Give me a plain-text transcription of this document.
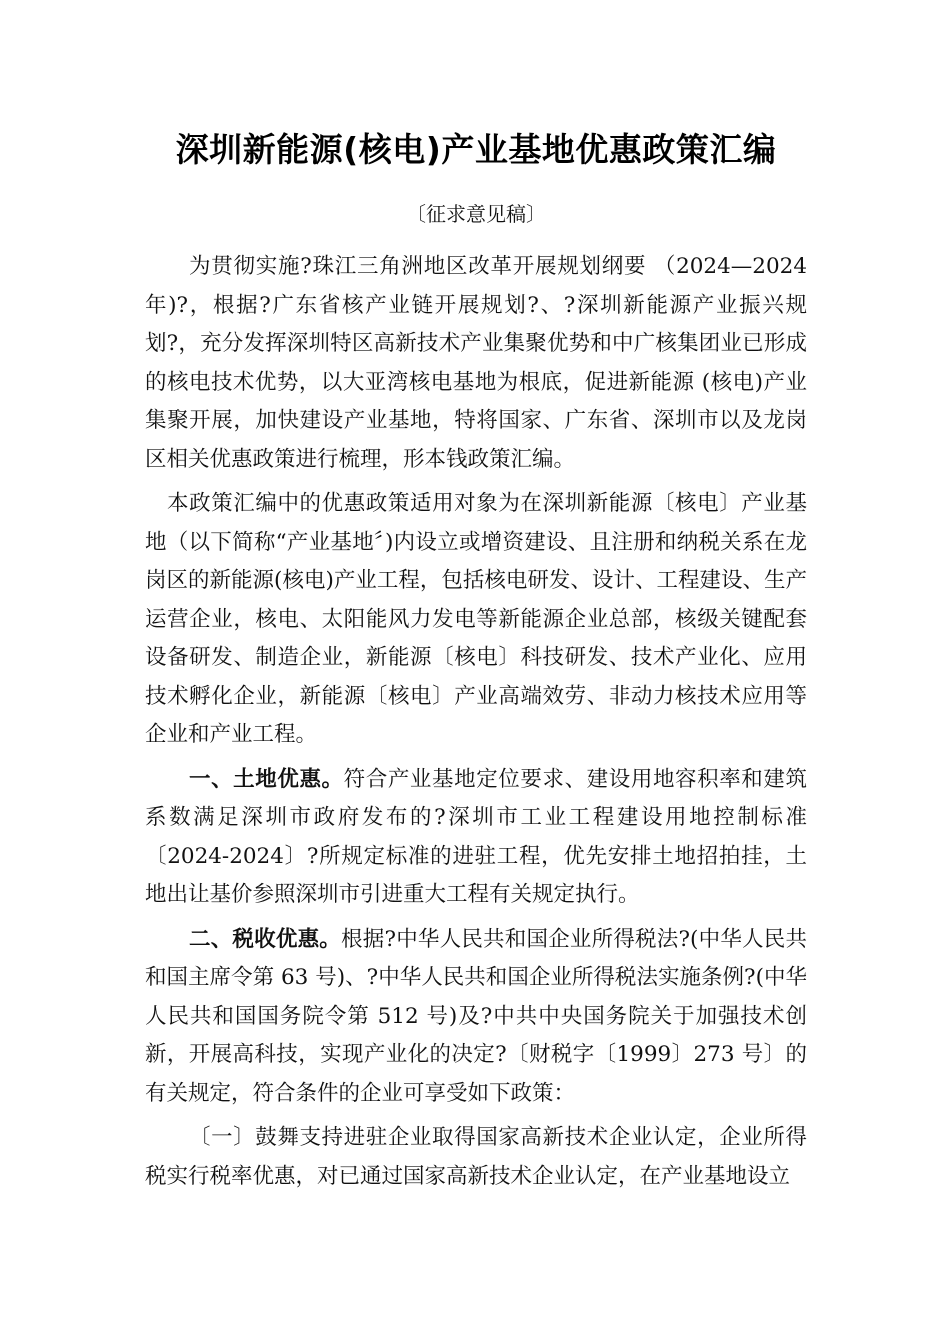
深圳新能源(核电)产业基地优惠政策汇编
〔征求意见稿〕

为贯彻实施?珠江三角洲地区改革开展规划纲要 （2024—2024年)?，根据?广东省核产业链开展规划?、?深圳新能源产业振兴规划?，充分发挥深圳特区高新技术产业集聚优势和中广核集团业已形成的核电技术优势，以大亚湾核电基地为根底，促进新能源 (核电)产业集聚开展，加快建设产业基地，特将国家、广东省、深圳市以及龙岗区相关优惠政策进行梳理，形本钱政策汇编。

本政策汇编中的优惠政策适用对象为在深圳新能源〔核电〕产业基地（以下简称“产业基地〞)内设立或增资建设、且注册和纳税关系在龙岗区的新能源(核电)产业工程，包括核电研发、设计、工程建设、生产运营企业，核电、太阳能风力发电等新能源企业总部，核级关键配套设备研发、制造企业，新能源〔核电〕科技研发、技术产业化、应用技术孵化企业，新能源〔核电〕产业高端效劳、非动力核技术应用等企业和产业工程。

一、土地优惠。符合产业基地定位要求、建设用地容积率和建筑系数满足深圳市政府发布的?深圳市工业工程建设用地控制标准〔2024-2024〕?所规定标准的进驻工程，优先安排土地招拍挂，土地出让基价参照深圳市引进重大工程有关规定执行。

二、税收优惠。根据?中华人民共和国企业所得税法?(中华人民共和国主席令第 63 号)、?中华人民共和国企业所得税法实施条例?(中华人民共和国国务院令第 512 号)及?中共中央国务院关于加强技术创新，开展高科技，实现产业化的决定?〔财税字〔1999〕273 号〕的有关规定，符合条件的企业可享受如下政策：

〔一〕鼓舞支持进驻企业取得国家高新技术企业认定，企业所得税实行税率优惠，对已通过国家高新技术企业认定，在产业基地设立
